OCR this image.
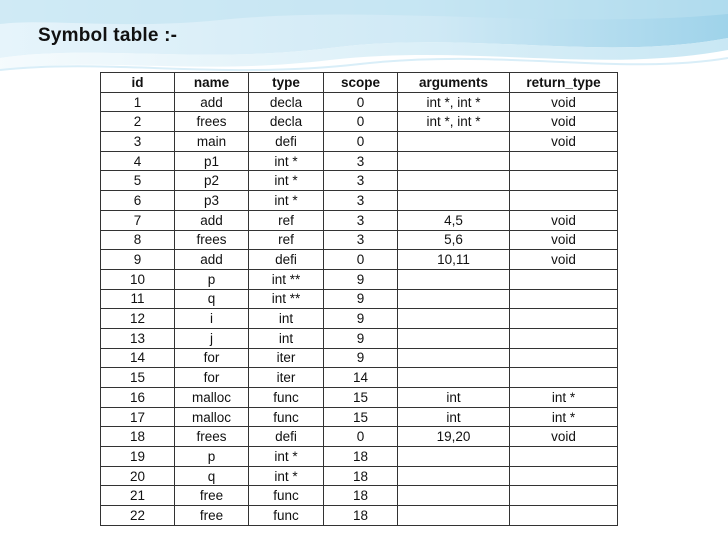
Symbol table :-
id	name	type	scope	arguments	return_type
1	add	decla	0	int *, int *	void
2	frees	decla	0	int *, int *	void
3	main	defi	0		void
4	p1	int *	3		
5	p2	int *	3		
6	p3	int *	3		
7	add	ref	3	4,5	void
8	frees	ref	3	5,6	void
9	add	defi	0	10,11	void
10	p	int **	9		
11	q	int **	9		
12	i	int	9		
13	j	int	9		
14	for	iter	9		
15	for	iter	14		
16	malloc	func	15	int	int *
17	malloc	func	15	int	int *
18	frees	defi	0	19,20	void
19	p	int *	18		
20	q	int *	18		
21	free	func	18		
22	free	func	18		
